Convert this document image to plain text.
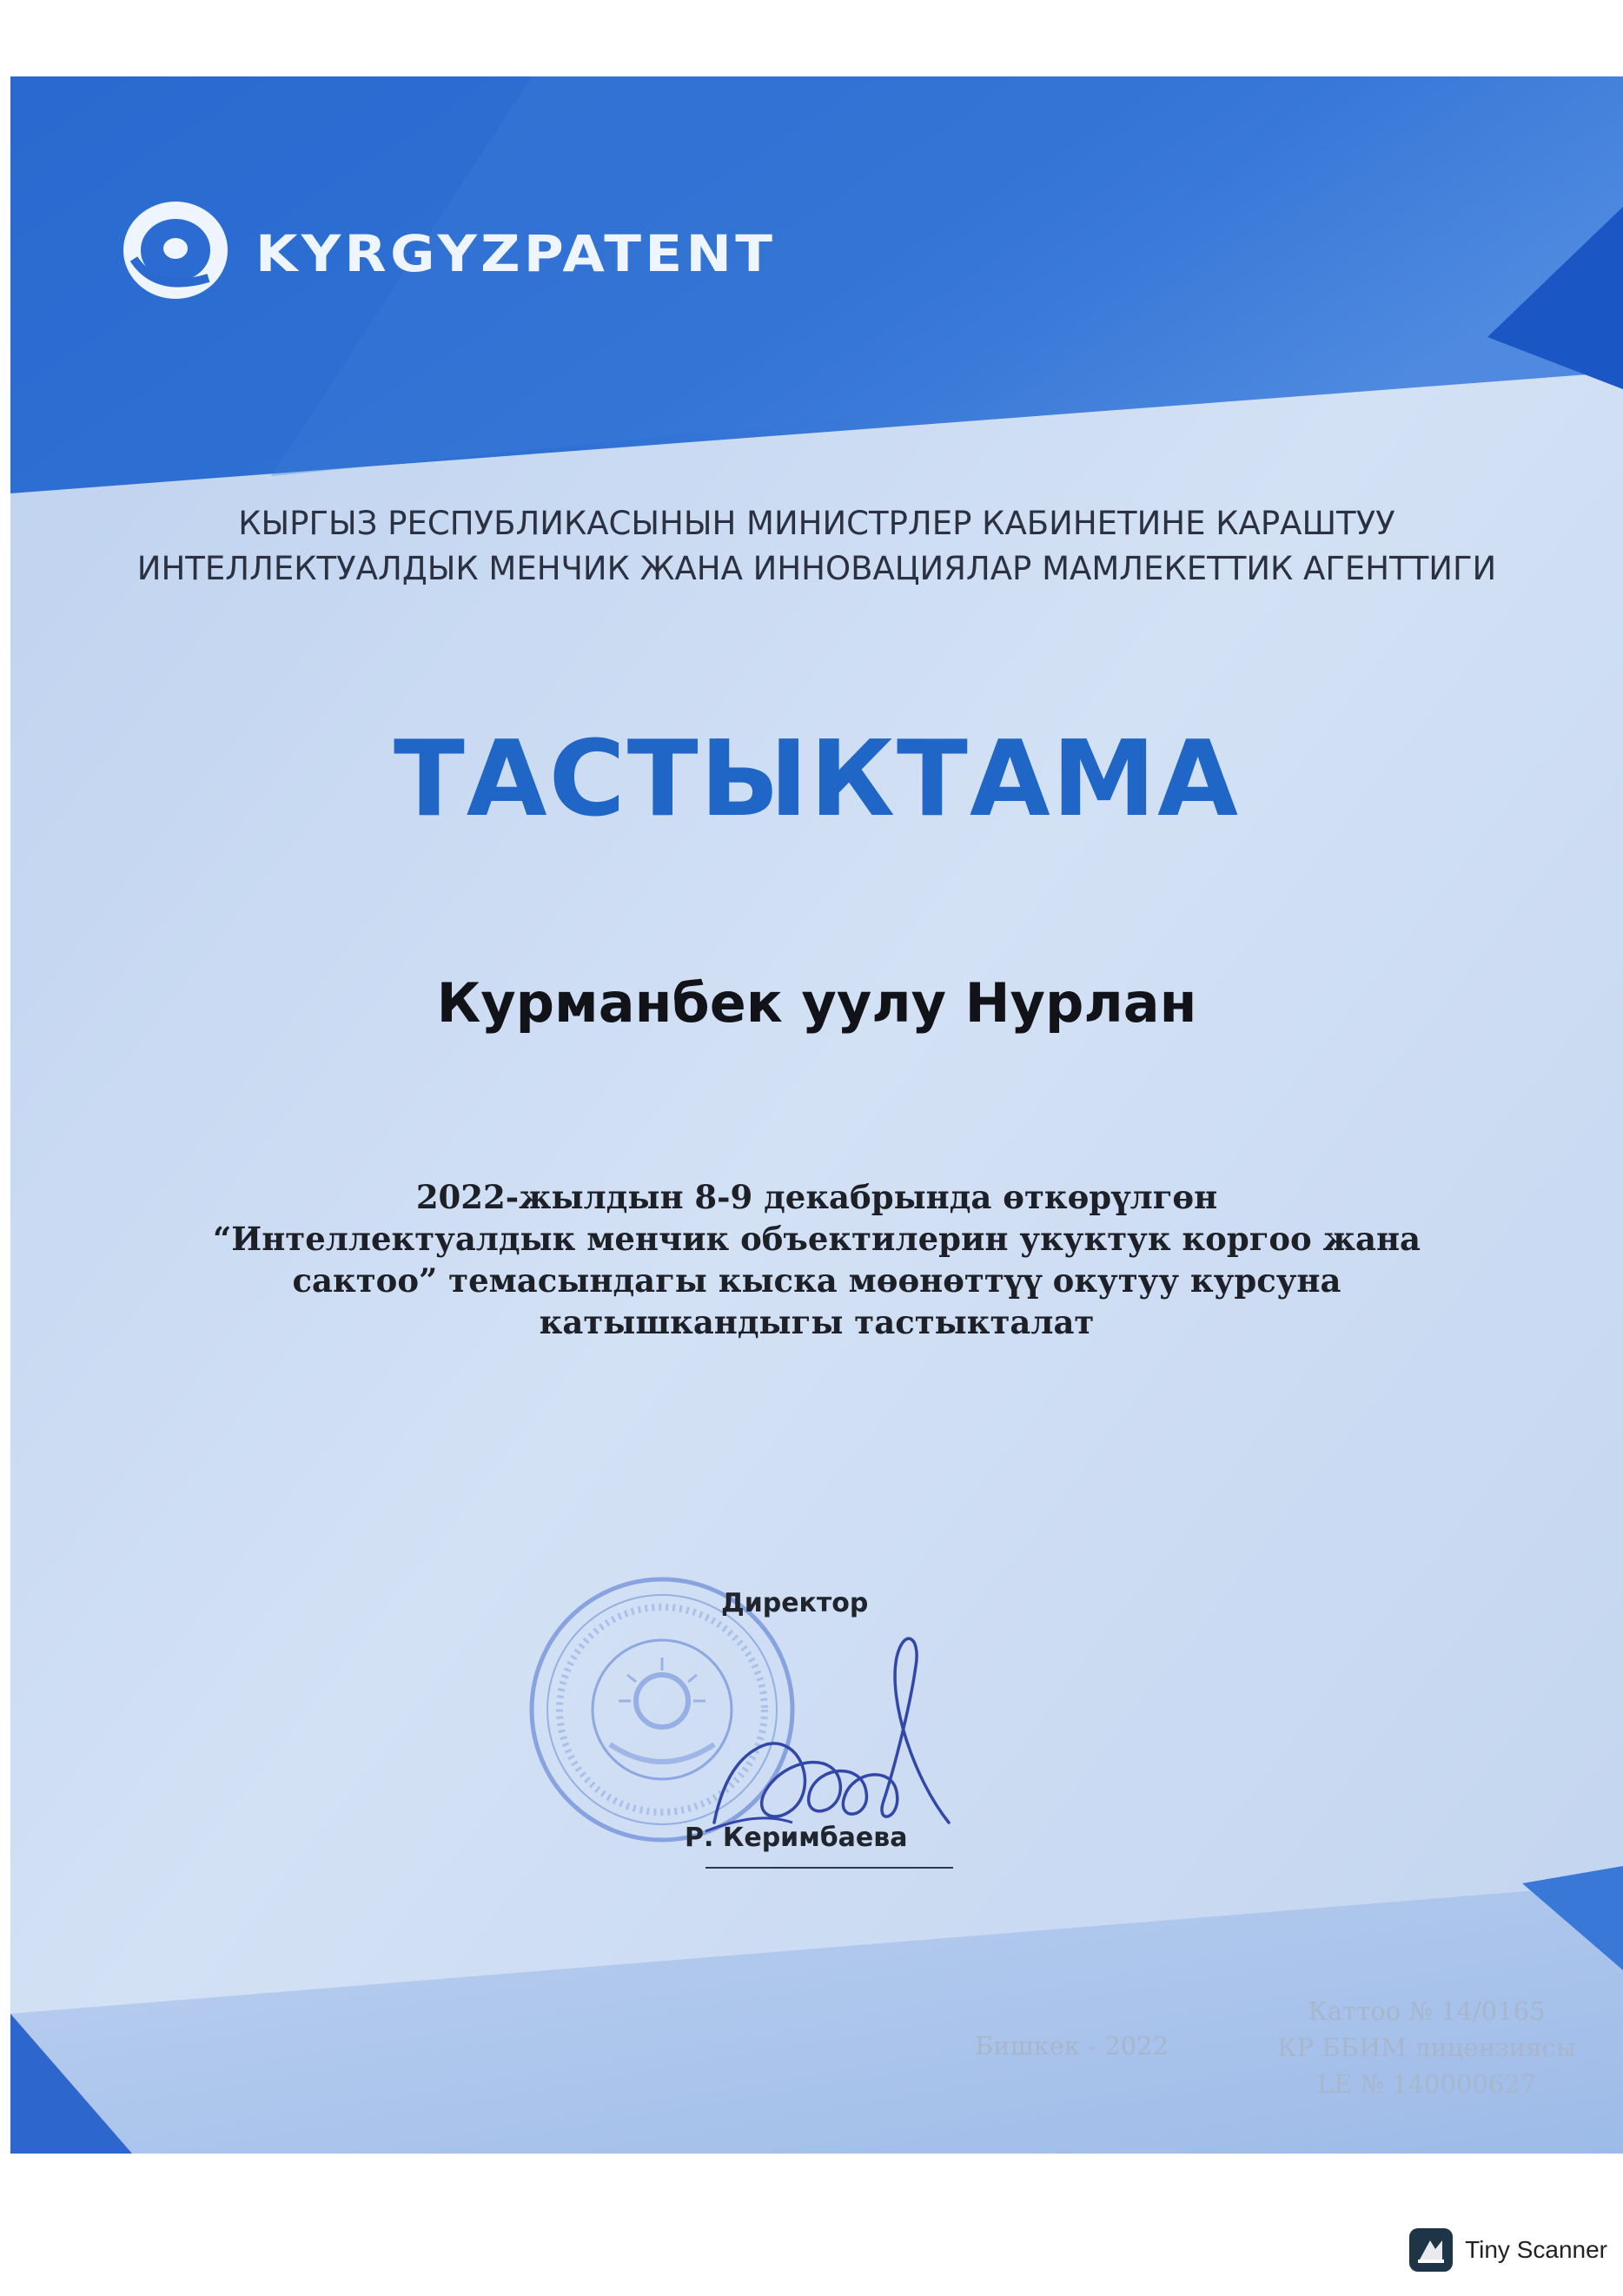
KYRGYZPATENT
КЫРГЫЗ РЕСПУБЛИКАСЫНЫН МИНИСТРЛЕР КАБИНЕТИНЕ КАРАШТУУ
ИНТЕЛЛЕКТУАЛДЫК МЕНЧИК ЖАНА ИННОВАЦИЯЛАР МАМЛЕКЕТТИК АГЕНТТИГИ
ТАСТЫКТАМА
Курманбек уулу Нурлан
2022-жылдын 8-9 декабрында өткөрүлгөн
“Интеллектуалдык менчик объектилерин укуктук коргоо жана
сактоо” темасындагы кыска мөөнөттүү окутуу курсуна
катышкандыгы тастыкталат
Директор
Р. Керимбаева
Бишкек - 2022
Каттоо № 14/0165
КР ББИМ лицензиясы
LE № 140000627
Tiny Scanner
